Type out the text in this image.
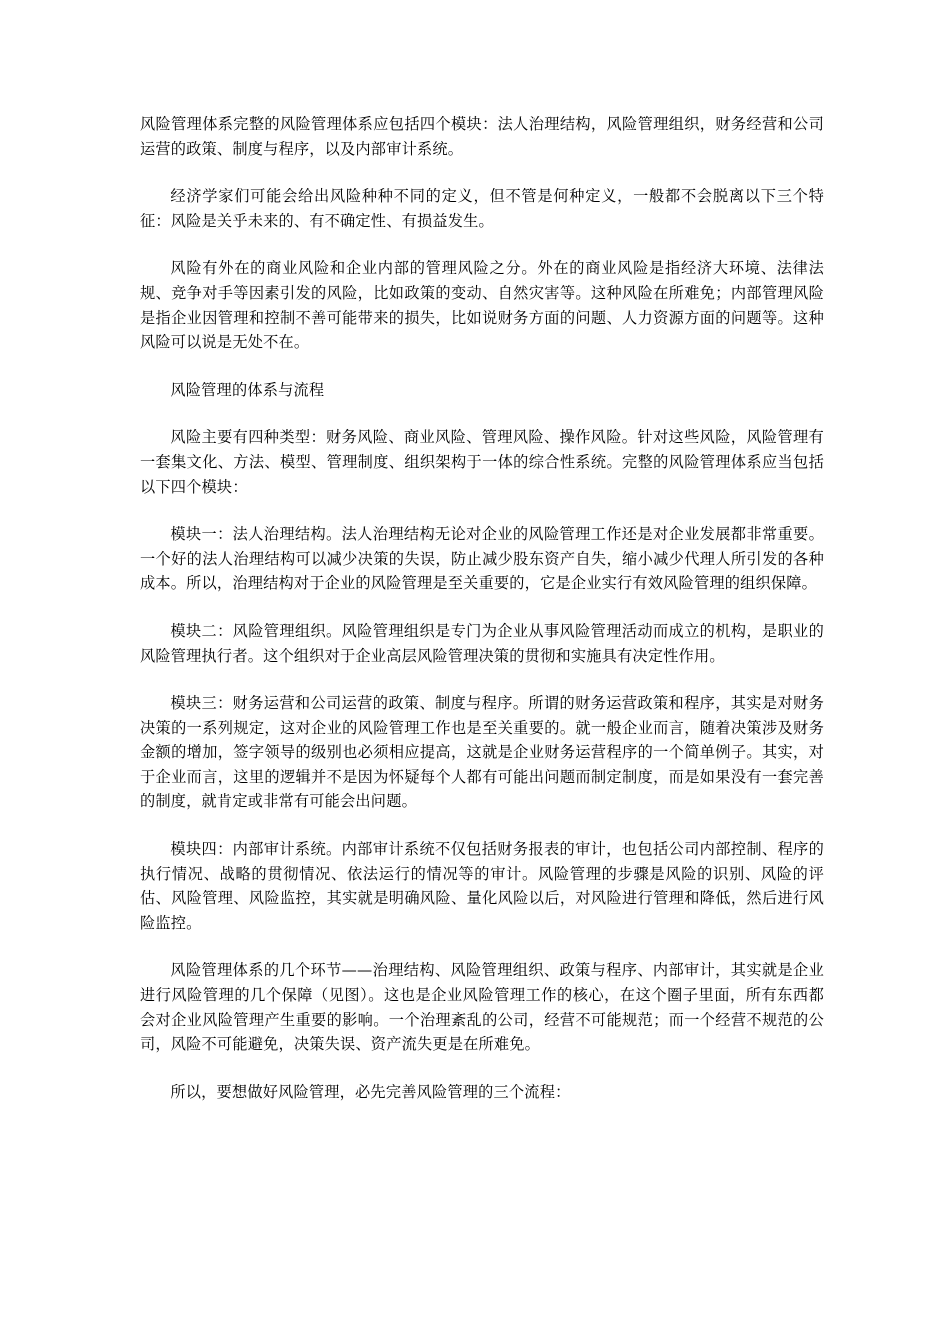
风险管理体系完整的风险管理体系应包括四个模块：法人治理结构，风险管理组织，财务经营和公司运营的政策、制度与程序，以及内部审计系统。

经济学家们可能会给出风险种种不同的定义，但不管是何种定义，一般都不会脱离以下三个特征：风险是关乎未来的、有不确定性、有损益发生。

风险有外在的商业风险和企业内部的管理风险之分。外在的商业风险是指经济大环境、法律法规、竞争对手等因素引发的风险，比如政策的变动、自然灾害等。这种风险在所难免；内部管理风险是指企业因管理和控制不善可能带来的损失，比如说财务方面的问题、人力资源方面的问题等。这种风险可以说是无处不在。

风险管理的体系与流程

风险主要有四种类型：财务风险、商业风险、管理风险、操作风险。针对这些风险，风险管理有一套集文化、方法、模型、管理制度、组织架构于一体的综合性系统。完整的风险管理体系应当包括以下四个模块：

模块一：法人治理结构。法人治理结构无论对企业的风险管理工作还是对企业发展都非常重要。一个好的法人治理结构可以减少决策的失误，防止减少股东资产自失，缩小减少代理人所引发的各种成本。所以，治理结构对于企业的风险管理是至关重要的，它是企业实行有效风险管理的组织保障。

模块二：风险管理组织。风险管理组织是专门为企业从事风险管理活动而成立的机构，是职业的风险管理执行者。这个组织对于企业高层风险管理决策的贯彻和实施具有决定性作用。

模块三：财务运营和公司运营的政策、制度与程序。所谓的财务运营政策和程序，其实是对财务决策的一系列规定，这对企业的风险管理工作也是至关重要的。就一般企业而言，随着决策涉及财务金额的增加，签字领导的级别也必须相应提高，这就是企业财务运营程序的一个简单例子。其实，对于企业而言，这里的逻辑并不是因为怀疑每个人都有可能出问题而制定制度，而是如果没有一套完善的制度，就肯定或非常有可能会出问题。

模块四：内部审计系统。内部审计系统不仅包括财务报表的审计，也包括公司内部控制、程序的执行情况、战略的贯彻情况、依法运行的情况等的审计。风险管理的步骤是风险的识别、风险的评估、风险管理、风险监控，其实就是明确风险、量化风险以后，对风险进行管理和降低，然后进行风险监控。

风险管理体系的几个环节——治理结构、风险管理组织、政策与程序、内部审计，其实就是企业进行风险管理的几个保障（见图）。这也是企业风险管理工作的核心，在这个圈子里面，所有东西都会对企业风险管理产生重要的影响。一个治理紊乱的公司，经营不可能规范；而一个经营不规范的公司，风险不可能避免，决策失误、资产流失更是在所难免。

所以，要想做好风险管理，必先完善风险管理的三个流程：
